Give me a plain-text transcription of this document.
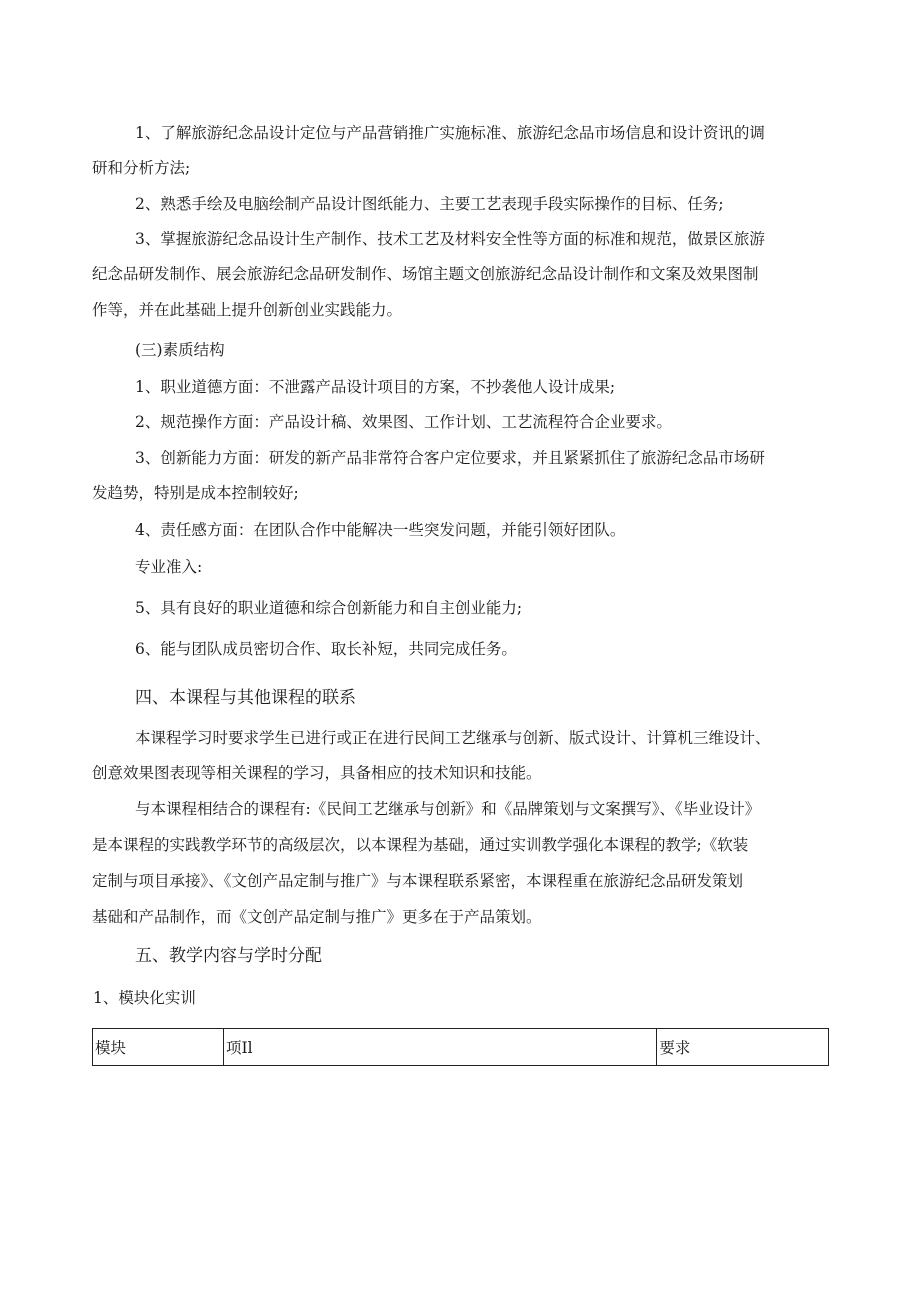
1、了解旅游纪念品设计定位与产品营销推广实施标准、旅游纪念品市场信息和设计资讯的调
研和分析方法;
2、熟悉手绘及电脑绘制产品设计图纸能力、主要工艺表现手段实际操作的目标、任务;
3、掌握旅游纪念品设计生产制作、技术工艺及材料安全性等方面的标准和规范，做景区旅游
纪念品研发制作、展会旅游纪念品研发制作、场馆主题文创旅游纪念品设计制作和文案及效果图制
作等，并在此基础上提升创新创业实践能力。
(三)素质结构
1、职业道德方面：不泄露产品设计项目的方案，不抄袭他人设计成果;
2、规范操作方面：产品设计稿、效果图、工作计划、工艺流程符合企业要求。
3、创新能力方面：研发的新产品非常符合客户定位要求，并且紧紧抓住了旅游纪念品市场研
发趋势，特别是成本控制较好;
4、责任感方面：在团队合作中能解决一些突发问题，并能引领好团队。
专业准入:
5、具有良好的职业道德和综合创新能力和自主创业能力;
6、能与团队成员密切合作、取长补短，共同完成任务。
四、本课程与其他课程的联系
本课程学习时要求学生已进行或正在进行民间工艺继承与创新、版式设计、计算机三维设计、
创意效果图表现等相关课程的学习，具备相应的技术知识和技能。
与本课程相结合的课程有:《民间工艺继承与创新》和《品牌策划与文案撰写》、《毕业设计》
是本课程的实践教学环节的高级层次，以本课程为基础，通过实训教学强化本课程的教学;《软装
定制与项目承接》、《文创产品定制与推广》与本课程联系紧密，本课程重在旅游纪念品研发策划
基础和产品制作，而《文创产品定制与推广》更多在于产品策划。
五、教学内容与学时分配
1、模块化实训
模块	项Il	要求
